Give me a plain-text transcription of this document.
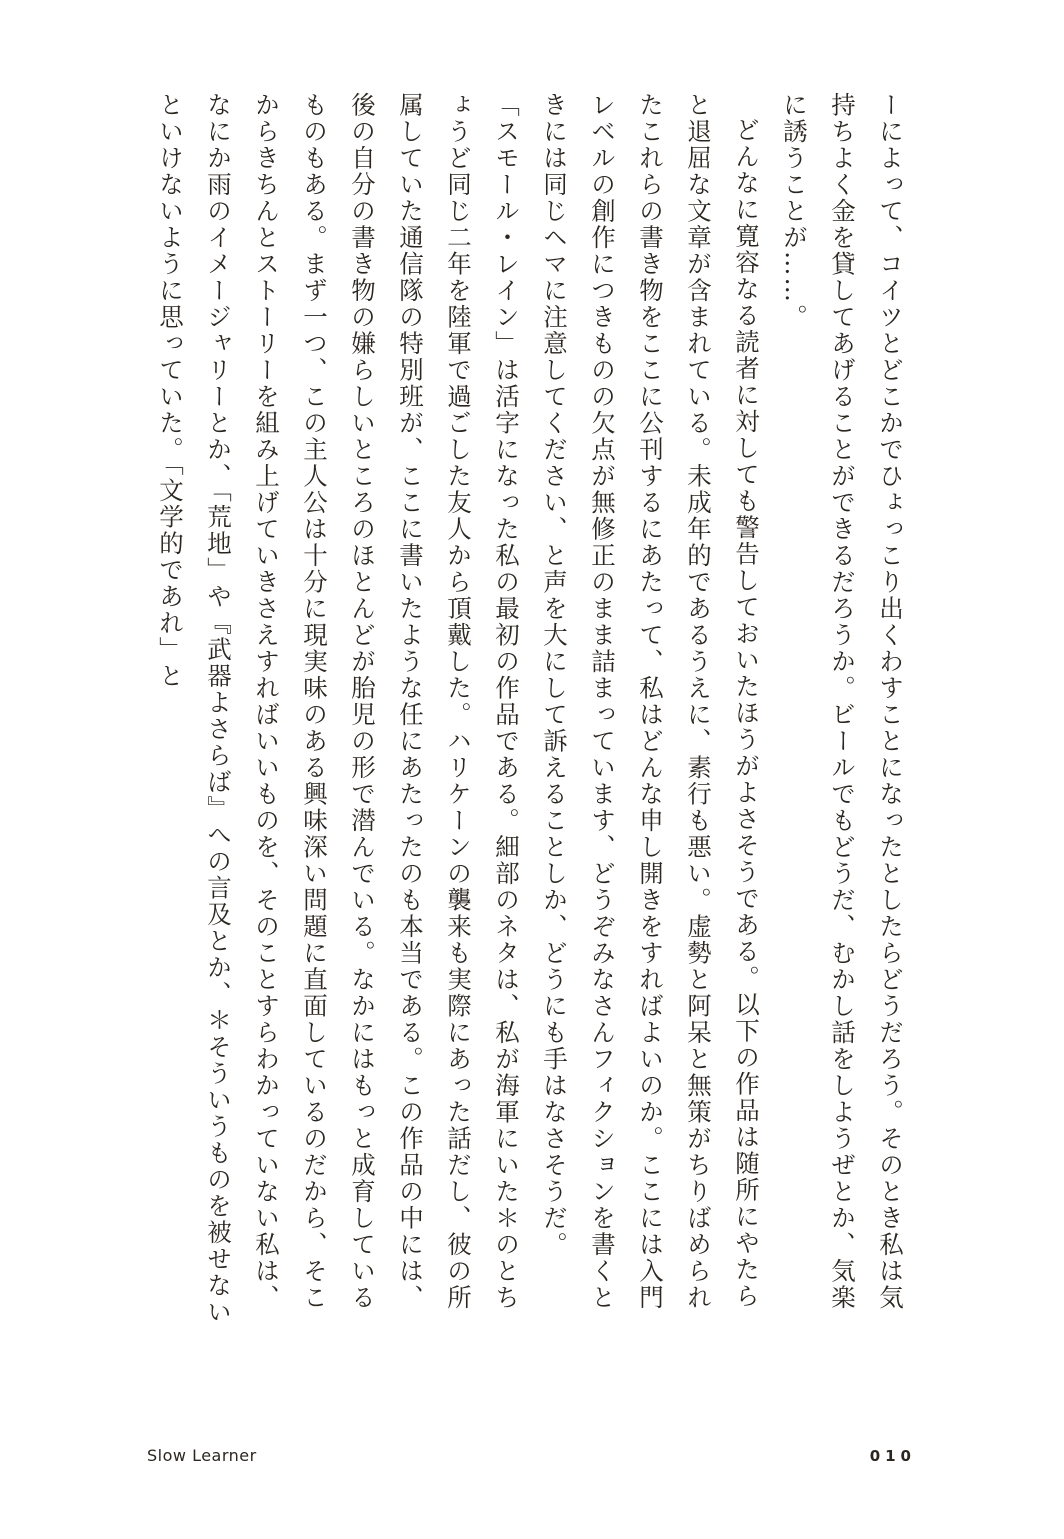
ーによって、コイツとどこかでひょっこり出くわすことになったとしたらどうだろう。そのとき私は気持ちよく金を貸してあげることができるだろうか。ビールでもどうだ、むかし話をしようぜとか、気楽に誘うことが……。

どんなに寛容なる読者に対しても警告しておいたほうがよさそうである。以下の作品は随所にやたらと退屈な文章が含まれている。未成年的であるうえに、素行も悪い。虚勢と阿呆と無策がちりばめられたこれらの書き物をここに公刊するにあたって、私はどんな申し開きをすればよいのか。ここには入門レベルの創作につきものの欠点が無修正のまま詰まっています、どうぞみなさんフィクションを書くときには同じヘマに注意してください、と声を大にして訴えることしか、どうにも手はなさそうだ。

「スモール・レイン」は活字になった私の最初の作品である。細部のネタは、私が海軍にいた＊のとちょうど同じ二年を陸軍で過ごした友人から頂戴した。ハリケーンの襲来も実際にあった話だし、彼の所属していた通信隊の特別班が、ここに書いたような任にあたったのも本当である。この作品の中には、後の自分の書き物の嫌らしいところのほとんどが胎児の形で潜んでいる。なかにはもっと成育しているものもある。まず一つ、この主人公は十分に現実味のある興味深い問題に直面しているのだから、そこからきちんとストーリーを組み上げていきさえすればいいものを、そのことすらわかっていない私は、なにか雨のイメージャリーとか、「荒地」や『武器よさらば』への言及とか、＊そういうものを被せないといけないように思っていた。「文学的であれ」と

Slow Learner	010
